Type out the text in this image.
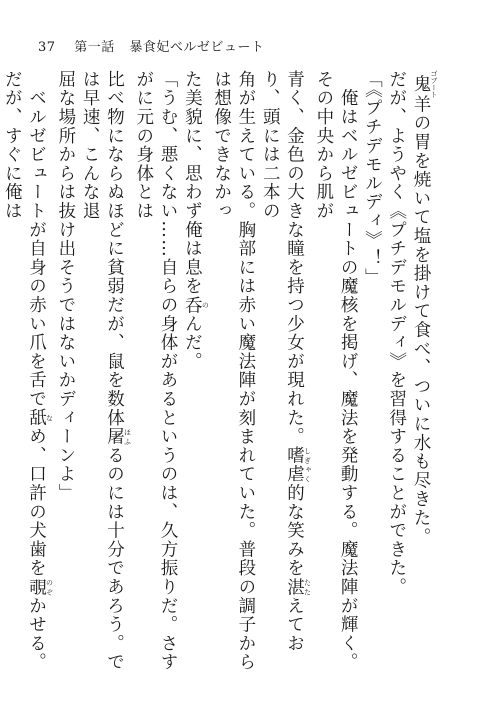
37 第一話 暴食妃ベルゼビュート
鬼 ゴブート羊の胃を焼いて塩を掛けて食べ、ついに水も尽きた。
だが、ようやく《プチデモルディ》を習得することができた。
「《プチデモルディ》！」
　俺はベルゼビュートの魔核を掲げ、魔法を発動する。魔法陣が輝く。その中央から肌が
青く、金色の大きな瞳を持つ少女が現れた。嗜虐 しぎゃく的な笑みを湛 たたえており、頭には二本の
角が生えている。胸部には赤い魔法陣が刻まれていた。普段の調子からは想像できなかっ
た美貌に、思わず俺は息を呑 のんだ。
「うむ、悪くない……自らの身体があるというのは、久方振りだ。さすがに元の身体とは
比べ物にならぬほどに貧弱だが、鼠を数体屠 ほふるのには十分であろう。では早速、こんな退
屈な場所からは抜け出そうではないかディーンよ」
　ベルゼビュートが自身の赤い爪を舌で舐 なめ、口許の犬歯を覗 のぞかせる。だが、すぐに俺は
